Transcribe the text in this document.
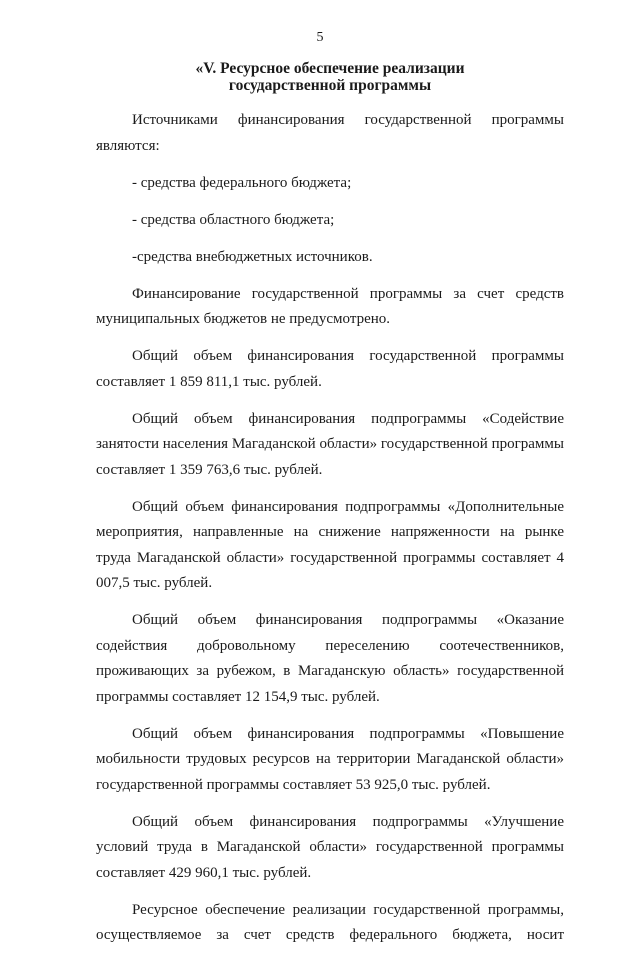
5
«V. Ресурсное обеспечение реализации
государственной программы

Источниками финансирования государственной программы являются:

- средства федерального бюджета;

- средства областного бюджета;

-средства внебюджетных источников.

Финансирование государственной программы за счет средств муниципальных бюджетов не предусмотрено.

Общий объем финансирования государственной программы составляет 1 859 811,1 тыс. рублей.

Общий объем финансирования подпрограммы «Содействие занятости населения Магаданской области» государственной программы составляет 1 359 763,6 тыс. рублей.

Общий объем финансирования подпрограммы «Дополнительные мероприятия, направленные на снижение напряженности на рынке труда Магаданской области» государственной программы составляет 4 007,5 тыс. рублей.

Общий объем финансирования подпрограммы «Оказание содействия добровольному переселению соотечественников, проживающих за рубежом, в Магаданскую область» государственной программы составляет 12 154,9 тыс. рублей.

Общий объем финансирования подпрограммы «Повышение мобильности трудовых ресурсов на территории Магаданской области» государственной программы составляет 53 925,0 тыс. рублей.

Общий объем финансирования подпрограммы «Улучшение условий труда в Магаданской области» государственной программы составляет 429 960,1 тыс. рублей.

Ресурсное обеспечение реализации государственной программы, осуществляемое за счет средств федерального бюджета, носит
